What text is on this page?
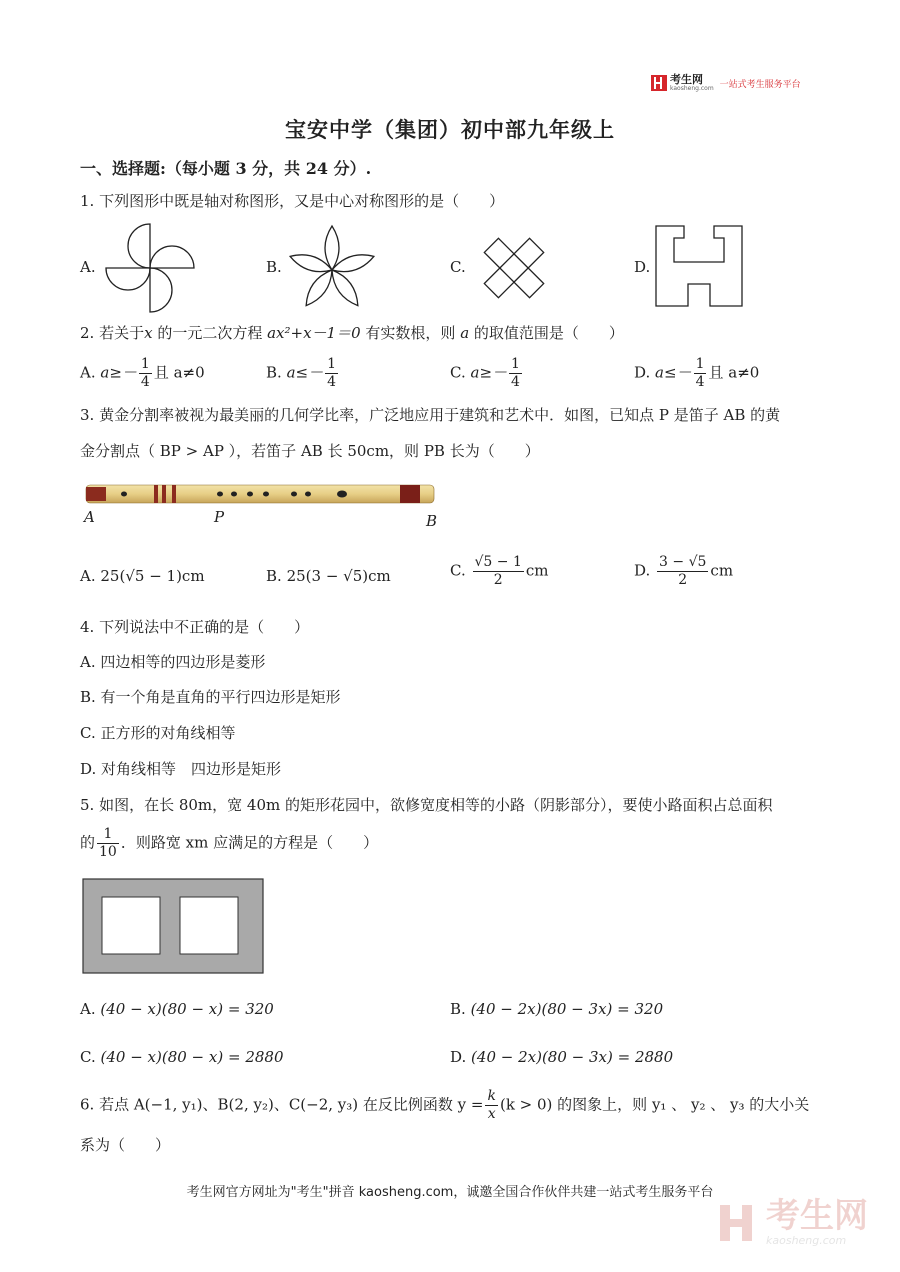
考生网
kaosheng.com 一站式考生服务平台
宝安中学（集团）初中部九年级上
一、选择题:（每小题 3 分，共 24 分）.
1. 下列图形中既是轴对称图形，又是中心对称图形的是（　　）
A.	B.	C.	D.
2. 若关于x 的一元二次方程 ax²+x－1＝0 有实数根，则 a 的取值范围是（　　）
A. $a\ge- \frac{1}{4}$ 且 a≠0	B. $a\le- \frac{1}{4}$	C. $a\ge- \frac{1}{4}$	D. $a\le- \frac{1}{4}$ 且 a≠0
3. 黄金分割率被视为最美丽的几何学比率，广泛地应用于建筑和艺术中．如图，已知点 P 是笛子 AB 的黄
金分割点（ BP > AP ），若笛子 AB 长 50cm，则 PB 长为（　　）
A	P	B
A. 25(√5 − 1)cm	B. 25(3 − √5)cm	C. $\frac{√5 - 1}{2}$ cm	D. $\frac{3 - √5}{2}$ cm
4. 下列说法中不正确的是（　　）
A. 四边相等的四边形是菱形
B. 有一个角是直角的平行四边形是矩形
C. 正方形的对角线相等
D. 对角线相等　四边形是矩形
5. 如图，在长 80m，宽 40m 的矩形花园中，欲修宽度相等的小路（阴影部分），要使小路面积占总面积
的 $\frac{1}{10}$ ．则路宽 xm 应满足的方程是（　　）
A. (40 − x)(80 − x) = 320	B. (40 − 2x)(80 − 3x) = 320
C. (40 − x)(80 − x) = 2880	D. (40 − 2x)(80 − 3x) = 2880
6. 若点 A(−1, y₁)、B(2, y₂)、C(−2, y₃) 在反比例函数 $y = \frac{k}{x} (k > 0)$ 的图象上，则 y₁ 、 y₂ 、 y₃ 的大小关
系为（　　）
考生网官方网址为"考生"拼音 kaosheng.com，诚邀全国合作伙伴共建一站式考生服务平台
考生网
kaosheng.com
